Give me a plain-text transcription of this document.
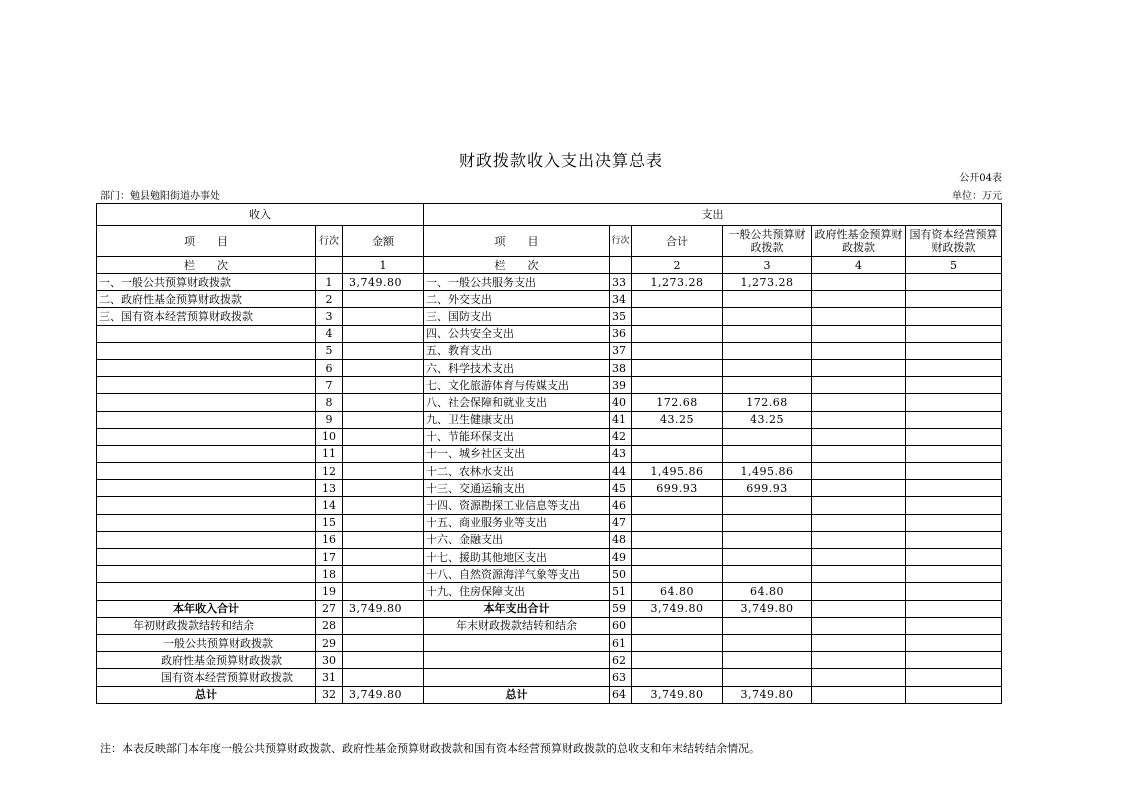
财政拨款收入支出决算总表
公开04表
部门：勉县勉阳街道办事处	单位：万元
收入			支出					
项　　目	行次	金额	项　　目	行次	合计	一般公共预算财政拨款	政府性基金预算财政拨款	国有资本经营预算财政拨款
栏　　次		1	栏　　次		2	3	4	5
一、一般公共预算财政拨款	1	3,749.80	一、一般公共服务支出	33	1,273.28	1,273.28		
二、政府性基金预算财政拨款	2		二、外交支出	34				
三、国有资本经营预算财政拨款	3		三、国防支出	35				
	4		四、公共安全支出	36				
	5		五、教育支出	37				
	6		六、科学技术支出	38				
	7		七、文化旅游体育与传媒支出	39				
	8		八、社会保障和就业支出	40	172.68	172.68		
	9		九、卫生健康支出	41	43.25	43.25		
	10		十、节能环保支出	42				
	11		十一、城乡社区支出	43				
	12		十二、农林水支出	44	1,495.86	1,495.86		
	13		十三、交通运输支出	45	699.93	699.93		
	14		十四、资源勘探工业信息等支出	46				
	15		十五、商业服务业等支出	47				
	16		十六、金融支出	48				
	17		十七、援助其他地区支出	49				
	18		十八、自然资源海洋气象等支出	50				
	19		十九、住房保障支出	51	64.80	64.80		
本年收入合计	27	3,749.80	本年支出合计	59	3,749.80	3,749.80		
年初财政拨款结转和结余	28		年末财政拨款结转和结余	60				
一般公共预算财政拨款	29			61				
政府性基金预算财政拨款	30			62				
国有资本经营预算财政拨款	31			63				
总计	32	3,749.80	总计	64	3,749.80	3,749.80		
注：本表反映部门本年度一般公共预算财政拨款、政府性基金预算财政拨款和国有资本经营预算财政拨款的总收支和年末结转结余情况。
